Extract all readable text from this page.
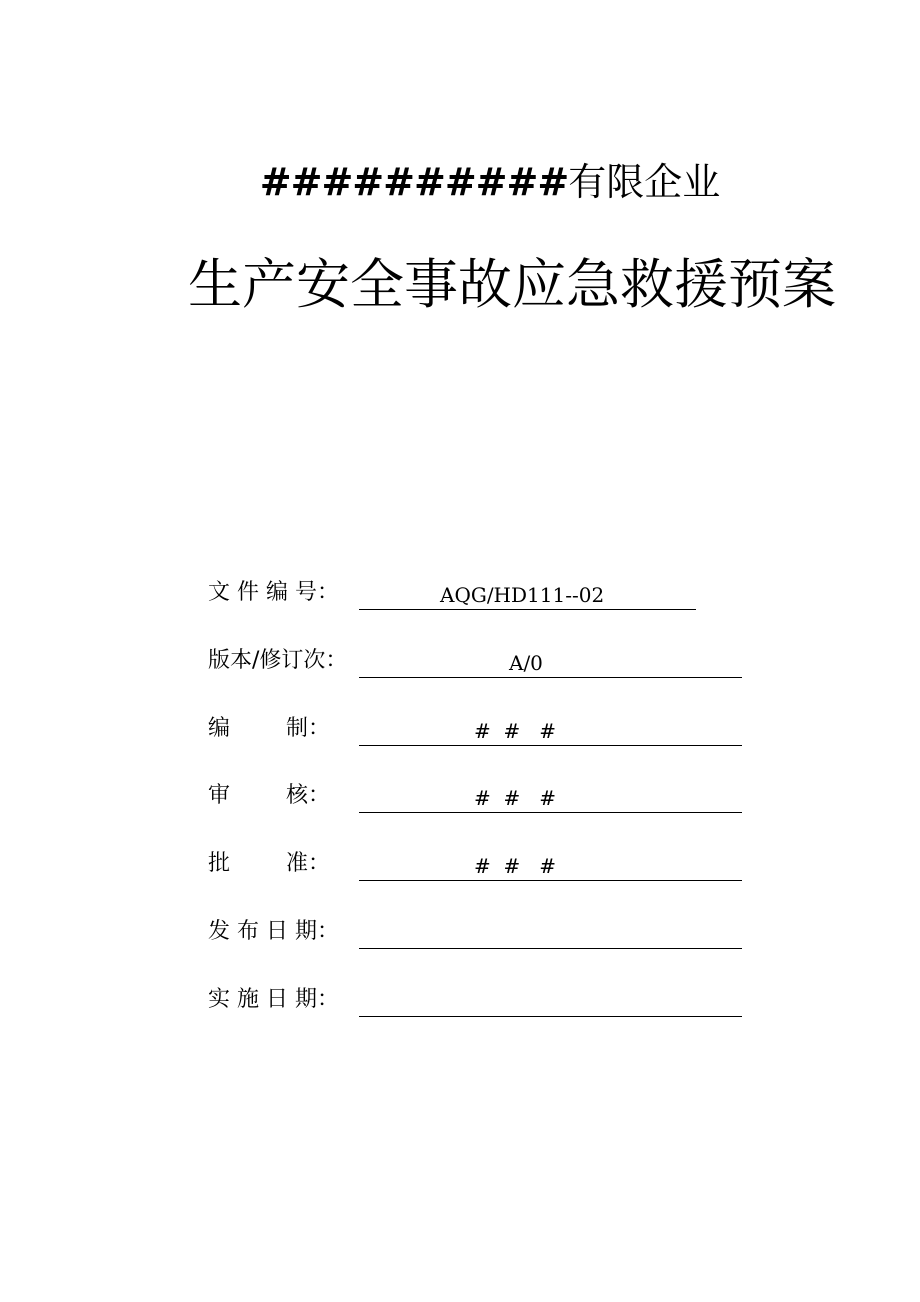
##########有限企业
生产安全事故应急救援预案
文 件 编 号：	AQG/HD111--02
版本/修订次：	A/0
编        制：	#  #   #
审        核：	#  #   #
批        准：	#  #   #
发 布 日 期：
实 施 日 期：
